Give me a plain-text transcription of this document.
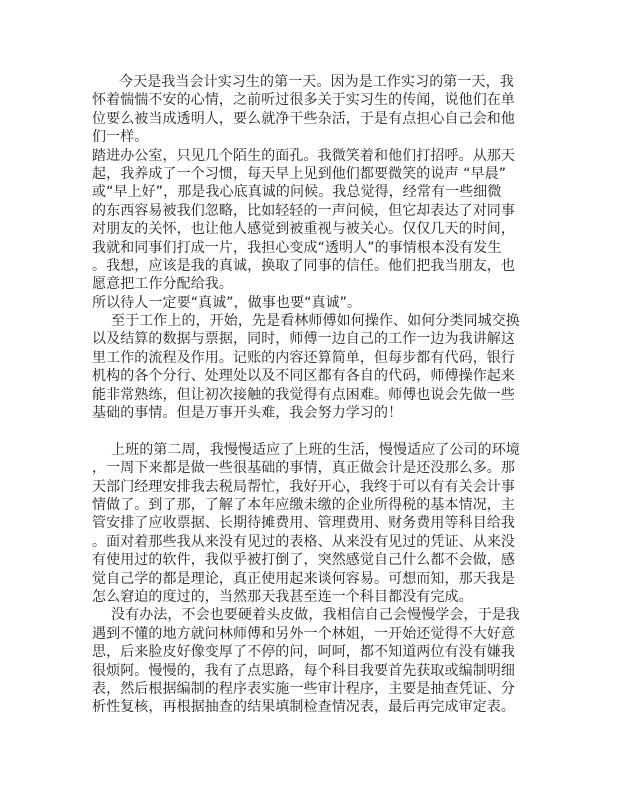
今天是我当会计实习生的第一天。因为是工作实习的第一天，我
怀着惴惴不安的心情，之前听过很多关于实习生的传闻，说他们在单
位要么被当成透明人，要么就净干些杂活，于是有点担心自己会和他
们一样。
踏进办公室，只见几个陌生的面孔。我微笑着和他们打招呼。从那天
起，我养成了一个习惯，每天早上见到他们都要微笑的说声 “早晨”
或“早上好”，那是我心底真诚的问候。我总觉得，经常有一些细微
的东西容易被我们忽略，比如轻轻的一声问候，但它却表达了对同事
对朋友的关怀，也让他人感觉到被重视与被关心。仅仅几天的时间，
我就和同事们打成一片，我担心变成“透明人”的事情根本没有发生
。我想，应该是我的真诚，换取了同事的信任。他们把我当朋友，也
愿意把工作分配给我。
所以待人一定要“真诚”，做事也要“真诚”。
至于工作上的，开始，先是看林师傅如何操作、如何分类同城交换
以及结算的数据与票据，同时，师傅一边自己的工作一边为我讲解这
里工作的流程及作用。记账的内容还算简单，但每步都有代码，银行
机构的各个分行、处理处以及不同区都有各自的代码，师傅操作起来
能非常熟练，但让初次接触的我觉得有点困难。师傅也说会先做一些
基础的事情。但是万事开头难，我会努力学习的！
上班的第二周，我慢慢适应了上班的生活，慢慢适应了公司的环境
，一周下来都是做一些很基础的事情，真正做会计是还没那么多。那
天部门经理安排我去税局帮忙，我好开心，我终于可以有有关会计事
情做了。到了那，了解了本年应缴未缴的企业所得税的基本情况，主
管安排了应收票据、长期待摊费用、管理费用、财务费用等科目给我
。面对着那些我从来没有见过的表格、从来没有见过的凭证、从来没
有使用过的软件，我似乎被打倒了，突然感觉自己什么都不会做，感
觉自己学的都是理论，真正使用起来谈何容易。可想而知，那天我是
怎么窘迫的度过的，当然那天我甚至连一个科目都没有完成。
没有办法，不会也要硬着头皮做，我相信自己会慢慢学会，于是我
遇到不懂的地方就问林师傅和另外一个林姐，一开始还觉得不大好意
思，后来脸皮好像变厚了不停的问，呵呵，都不知道两位有没有嫌我
很烦阿。慢慢的，我有了点思路，每个科目我要首先获取或编制明细
表，然后根据编制的程序表实施一些审计程序，主要是抽查凭证、分
析性复核，再根据抽查的结果填制检查情况表，最后再完成审定表。
